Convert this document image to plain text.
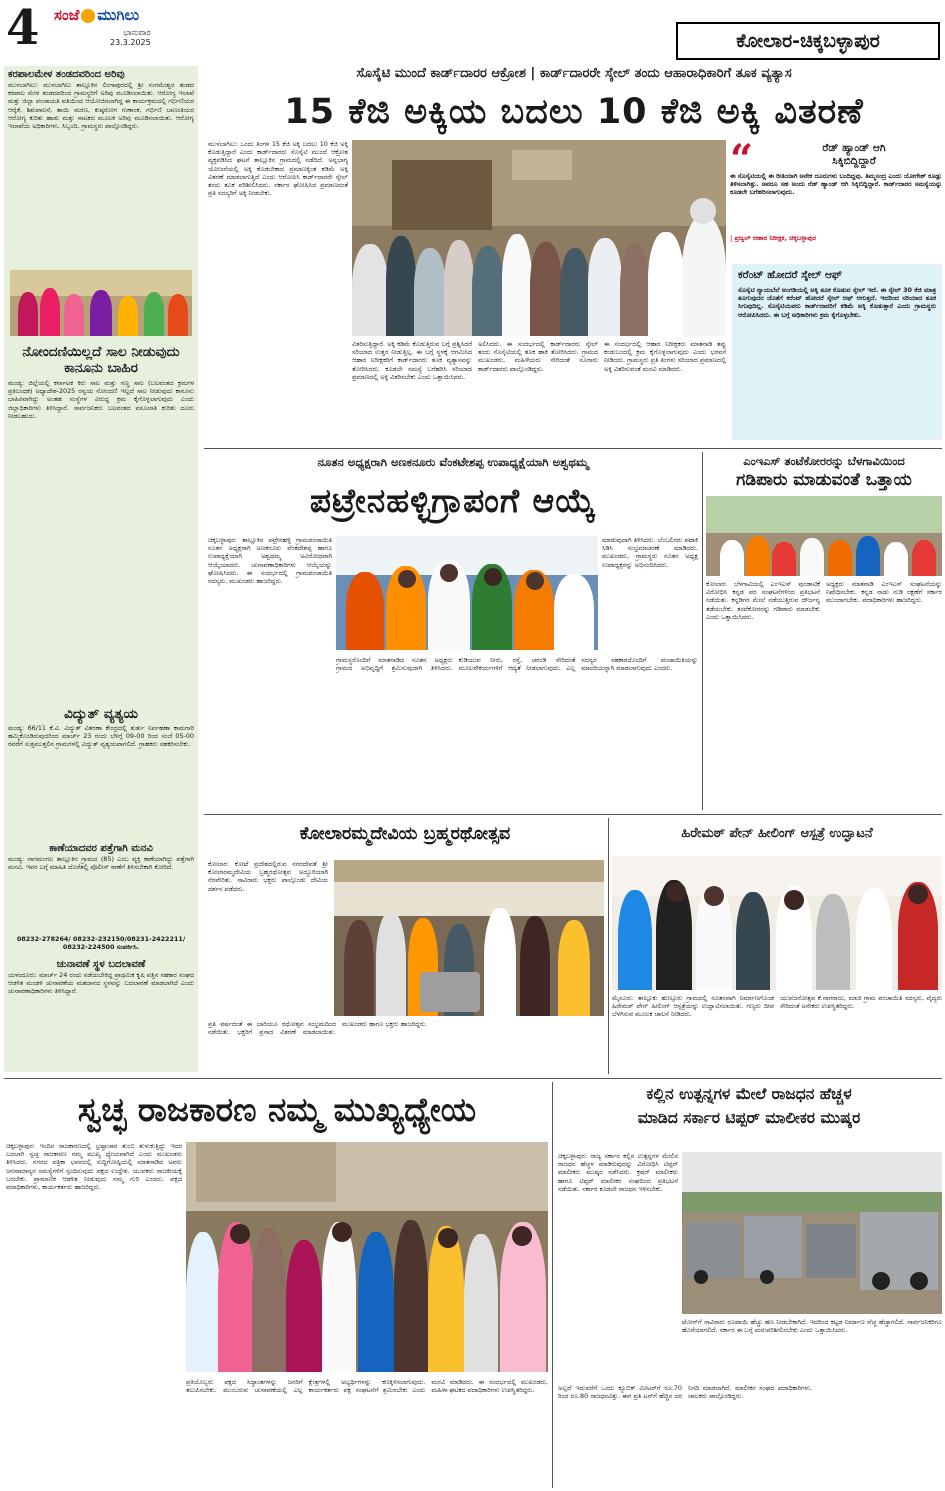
4 ಸಂಜೆ ಮುಗಿಲು
ಭಾನುವಾರ
23.3.2025	ಕೋಲಾರ-ಚಿಕ್ಕಬಳ್ಳಾಪುರ
ಕರಪಾಲಮೇಳ ತಂಡದವರಿಂದ ಅರಿವು
ಮುಳಬಾಗಿಲು: ಮುಳಬಾಗಿಲು ತಾಲ್ಲೂಕಿನ ಲಿಂಗಾಪುರದಲ್ಲಿ ಶ್ರೀ ಸಂಗಮೇಶ್ವರ ತಂಡದ ಕರಪಾಲ ಮೇಳ ತಂಡದವರಿಂದ ಗ್ರಾಮಸ್ಥರಿಗೆ ಅರಿವು ಮೂಡಿಸಲಾಯಿತು. ಆರೋಗ್ಯ ಇಲಾಖೆ ಮತ್ತು ಜಿಲ್ಲಾ ಪಂಚಾಯತಿ ವತಿಯಿಂದ ಆಯೋಜಿಸಲಾಗಿದ್ದ ಈ ಕಾರ್ಯಕ್ರಮದಲ್ಲಿ ಗರ್ಭಿಣಿಯರ ಆರೈಕೆ, ಶಿಶುಪಾಲನೆ, ತಾಯಿ ಮರಣ, ಕುಷ್ಠರೋಗ ಗುಣಾಂಕ, ಗರ್ಭಿಣಿ ಬಾಣಂತಿಯರ ಆರೋಗ್ಯ ಕುರಿತು ಹಾಡು ಮತ್ತು ನಾಟಕದ ಮೂಲಕ ಅರಿವು ಮೂಡಿಸಲಾಯಿತು. ಆರೋಗ್ಯ ಇಲಾಖೆಯ ಅಧಿಕಾರಿಗಳು, ಸಿಬ್ಬಂದಿ, ಗ್ರಾಮಸ್ಥರು ಪಾಲ್ಗೊಂಡಿದ್ದರು.
ನೋಂದಣಿಯಿಲ್ಲದೆ ಸಾಲ ನೀಡುವುದು ಕಾನೂನು ಬಾಹಿರ
ಮಂಡ್ಯ: ಜಿಲ್ಲೆಯಲ್ಲಿ ಕರ್ನಾಟಕ ಕಿರು ಸಾಲ ಮತ್ತು ಸಣ್ಣ ಸಾಲ (ಬಲವಂತದ ಕ್ರಮಗಳ ಪ್ರತಿಬಂಧಕ) ಅಧ್ಯಾದೇಶ-2025 ರನ್ವಯ ನೋಂದಣಿ ಇಲ್ಲದೆ ಸಾಲ ನೀಡುವುದು ಕಾನೂನು ಬಾಹಿರವಾಗಿದ್ದು ಅಂತಹ ಸಂಸ್ಥೆಗಳ ವಿರುದ್ಧ ಕ್ರಮ ಕೈಗೊಳ್ಳಲಾಗುವುದು ಎಂದು ಜಿಲ್ಲಾಧಿಕಾರಿಗಳು ತಿಳಿಸಿದ್ದಾರೆ. ಸಾರ್ವಜನಿಕರು ಬಲವಂತದ ವಸೂಲಾತಿ ಕುರಿತು ದೂರು ನೀಡಬಹುದು.
ವಿದ್ಯುತ್ ವ್ಯತ್ಯಯ
ಮಂಡ್ಯ: 66/11 ಕೆ.ವಿ. ವಿದ್ಯುತ್ ವಿತರಣಾ ಕೇಂದ್ರದಲ್ಲಿ ತುರ್ತು ನಿರ್ವಹಣಾ ಕಾಮಗಾರಿ ಹಮ್ಮಿಕೊಂಡಿರುವುದರಿಂದ ಮಾರ್ಚ್ 23 ರಂದು ಬೆಳಿಗ್ಗೆ 09-00 ರಿಂದ ಸಂಜೆ 05-00 ರವರೆಗೆ ಸುತ್ತಮುತ್ತಲಿನ ಗ್ರಾಮಗಳಲ್ಲಿ ವಿದ್ಯುತ್ ವ್ಯತ್ಯಯವಾಗಲಿದೆ. ಗ್ರಾಹಕರು ಸಹಕರಿಸಬೇಕು.
ಕಾಣೆಯಾದವರ ಪತ್ತೆಗಾಗಿ ಮನವಿ
ಮಂಡ್ಯ: ನಾಗಮಂಗಲ ತಾಲ್ಲೂಕಿನ ಗ್ರಾಮದ (85) ಎಂಬ ವ್ಯಕ್ತಿ ಕಾಣೆಯಾಗಿದ್ದು ಪತ್ತೆಗಾಗಿ ಮನವಿ. ಇವರ ಬಗ್ಗೆ ಮಾಹಿತಿ ದೊರೆತಲ್ಲಿ ಪೊಲೀಸ್ ಠಾಣೆಗೆ ತಿಳಿಸಬೇಕಾಗಿ ಕೋರಿದೆ.
08232-278264/ 08232-232150/08231-2422211/ 08232-224500 ಸಂಪರ್ಕಿಸಿ.
ಚುನಾವಣೆ ಸ್ಥಳ ಬದಲಾವಣೆ
ಯಳಂದೂರು: ಮಾರ್ಚ್ 24 ರಂದು ನಡೆಯಬೇಕಿದ್ದ ಪ್ರಾಥಮಿಕ ಕೃಷಿ ಪತ್ತಿನ ಸಹಕಾರ ಸಂಘದ ಆಡಳಿತ ಮಂಡಳಿ ಚುನಾವಣೆಯ ಮತದಾನದ ಸ್ಥಳವನ್ನು ಬದಲಾವಣೆ ಮಾಡಲಾಗಿದೆ ಎಂದು ಚುನಾವಣಾಧಿಕಾರಿಗಳು ತಿಳಿಸಿದ್ದಾರೆ.
ಸೊಸೈಟಿ ಮುಂದೆ ಕಾರ್ಡ್‌ದಾರರ ಆಕ್ರೋಶ | ಕಾರ್ಡ್‌ದಾರರೇ ಸ್ಕೇಲ್ ತಂದು ಆಹಾರಾಧಿಕಾರಿಗೆ ತೂಕ ವ್ಯತ್ಯಾಸ
15 ಕೆಜಿ ಅಕ್ಕಿಯ ಬದಲು 10 ಕೆಜಿ ಅಕ್ಕಿ ವಿತರಣೆ
ಮುಳಬಾಗಿಲು: ಒಂದು ತಿಂಗಳ 15 ಕೆಜಿ ಅಕ್ಕಿ ಬದಲು 10 ಕೆಜಿ ಅಕ್ಕಿ ಕೊಡುತ್ತಿದ್ದಾರೆ ಎಂದು ಕಾರ್ಡ್‌ದಾರರು ಸೊಸೈಟಿ ಮುಂದೆ ಆಕ್ರೋಶ ವ್ಯಕ್ತಪಡಿಸಿದ ಘಟನೆ ತಾಲ್ಲೂಕಿನ ಗ್ರಾಮದಲ್ಲಿ ನಡೆದಿದೆ. ಅನ್ನಭಾಗ್ಯ ಯೋಜನೆಯಲ್ಲಿ ಅಕ್ಕಿ ಕೊಡಬೇಕಾದ ಪ್ರಮಾಣಕ್ಕಿಂತ ಕಡಿಮೆ ಅಕ್ಕಿ ವಿತರಣೆ ಮಾಡಲಾಗುತ್ತಿದೆ ಎಂದು ಆರೋಪಿಸಿ ಕಾರ್ಡ್‌ದಾರರೇ ಸ್ಕೇಲ್ ತಂದು ತೂಕ ಪರಿಶೀಲಿಸಿದರು. ಸರ್ಕಾರ ಘೋಷಿಸಿದ ಪ್ರಮಾಣದಂತೆ ಪ್ರತಿ ಸದಸ್ಯರಿಗೆ ಅಕ್ಕಿ ನೀಡಬೇಕು.
ವಿತರಿಸುತ್ತಿದ್ದಾರೆ. ಅಕ್ಕಿ ಕಡಿಮೆ ಕೊಡುತ್ತಿರುವ ಬಗ್ಗೆ ಪ್ರಶ್ನಿಸಿದರೆ ಸರಿಯಾದ ಉತ್ತರ ನೀಡುತ್ತಿಲ್ಲ. ಈ ಬಗ್ಗೆ ಸ್ಥಳಕ್ಕೆ ಆಗಮಿಸಿದ ಆಹಾರ ನಿರೀಕ್ಷಕರಿಗೆ ಕಾರ್ಡ್‌ದಾರರು ತೂಕ ವ್ಯತ್ಯಾಸವನ್ನು ತೋರಿಸಿದರು. ಕೂಡಲೇ ಸಮಸ್ಯೆ ಬಗೆಹರಿಸಿ ಸರಿಯಾದ ಪ್ರಮಾಣದಲ್ಲಿ ಅಕ್ಕಿ ವಿತರಿಸಬೇಕು ಎಂದು ಒತ್ತಾಯಿಸಿದರು.
ಅಲಿಸಿದರು. ಈ ಸಂದರ್ಭದಲ್ಲಿ ಕಾರ್ಡ್‌ದಾರರು ಸ್ಕೇಲ್ ತಂದು ಸೊಸೈಟಿಯಲ್ಲಿ ತೂಕ ಹಾಕಿ ತೋರಿಸಿದರು. ಗ್ರಾಮದ ಮುಖಂಡರು, ಮಹಿಳೆಯರು ಸೇರಿದಂತೆ ನೂರಾರು ಕಾರ್ಡ್‌ದಾರರು ಪಾಲ್ಗೊಂಡಿದ್ದರು.
ಈ ಸಂದರ್ಭದಲ್ಲಿ ಆಹಾರ ನಿರೀಕ್ಷಕರು ಮಾತನಾಡಿ ತಪ್ಪು ಕಂಡುಬಂದಲ್ಲಿ ಕ್ರಮ ಕೈಗೊಳ್ಳಲಾಗುವುದು ಎಂದು ಭರವಸೆ ನೀಡಿದರು. ಗ್ರಾಮಸ್ಥರು ಪ್ರತಿ ತಿಂಗಳು ಸರಿಯಾದ ಪ್ರಮಾಣದಲ್ಲಿ ಅಕ್ಕಿ ವಿತರಿಸುವಂತೆ ಮನವಿ ಮಾಡಿದರು.
“	ರೆಡ್ ಹ್ಯಾಂಡ್ ಆಗಿ
ಸಿಕ್ಕಿಬಿದ್ದಿದ್ದಾರೆ
ಈ ಸೊಸೈಟಿಯಲ್ಲಿ ಈ ರೀತಿಯಾಗಿ ಅನೇಕ ದೂರುಗಳು ಬಂದಿದ್ದವು. ತಿಮ್ಮಸಂದ್ರ ಎಂದು ಯೋಗೇಶ್ ಕೂಡ್ಲು ತಿಳಿಸಲಾಗಿತ್ತು. ಅವರೂ ಸಹ ಅಂದು ರೆಡ್ ಹ್ಯಾಂಡ್ ಆಗಿ ಸಿಕ್ಕಿಬಿದ್ದಿದ್ದಾರೆ. ಕಾರ್ಡ್‌ದಾರರ ಸಮಸ್ಯೆಯನ್ನು ಕೂಡಲೇ ಬಗೆಹರಿಸಲಾಗುವುದು.
| ಪ್ರಜ್ವಲ್ ಆಹಾರ ನಿರೀಕ್ಷಕ, ಚಿಕ್ಕಬಳ್ಳಾಪುರ
ಕರೆಂಟ್ ಹೋದರೆ ಸ್ಕೇಲ್ ಆಫ್
ಸೊಸೈಟಿ ನ್ಯಾಯಬೆಲೆ ಅಂಗಡಿಯಲ್ಲಿ ಅಕ್ಕಿ ತೂಕ ಕೊಡುವ ಸ್ಕೇಲ್ ಇದೆ. ಈ ಸ್ಕೇಲ್ 30 ಕೆಜಿ ಮಾತ್ರ ತೂಗುವುದರ ಜೊತೆಗೆ ಕರೆಂಟ್ ಹೋದರೆ ಸ್ಕೇಲ್ ಆಫ್ ಆಗುತ್ತದೆ. ಇದರಿಂದ ಸರಿಯಾದ ತೂಕ ಸಿಗುವುದಿಲ್ಲ. ಸೊಸೈಟಿಯವರು ಕಾರ್ಡ್‌ದಾರರಿಗೆ ಕಡಿಮೆ ಅಕ್ಕಿ ಕೊಡುತ್ತಾರೆ ಎಂದು ಗ್ರಾಮಸ್ಥರು ಆರೋಪಿಸಿದರು. ಈ ಬಗ್ಗೆ ಅಧಿಕಾರಿಗಳು ಕ್ರಮ ಕೈಗೊಳ್ಳಬೇಕು.
ನೂತನ ಅಧ್ಯಕ್ಷರಾಗಿ ಅಣಕನೂರು ವೆಂಕಟೇಶಪ್ಪ ಉಪಾಧ್ಯಕ್ಷೆಯಾಗಿ ಅಶ್ವಥಮ್ಮ
ಪಟ್ರೇನಹಳ್ಳಿಗ್ರಾಪಂಗೆ ಆಯ್ಕೆ
ಚಿಕ್ಕಬಳ್ಳಾಪುರ: ತಾಲ್ಲೂಕಿನ ಪಟ್ರೇನಹಳ್ಳಿ ಗ್ರಾಮಪಂಚಾಯಿತಿ ನೂತನ ಅಧ್ಯಕ್ಷರಾಗಿ ಅಣಕನೂರು ವೆಂಕಟೇಶಪ್ಪ ಹಾಗೂ ಉಪಾಧ್ಯಕ್ಷೆಯಾಗಿ ಅಶ್ವಥಮ್ಮ ಅವಿರೋಧವಾಗಿ ಆಯ್ಕೆಯಾದರು. ಚುನಾವಣಾಧಿಕಾರಿಗಳು ಆಯ್ಕೆಯನ್ನು ಘೋಷಿಸಿದರು. ಈ ಸಂದರ್ಭದಲ್ಲಿ ಗ್ರಾಮಪಂಚಾಯಿತಿ ಸದಸ್ಯರು, ಮುಖಂಡರು ಹಾಜರಿದ್ದರು.
ಮಾಡುವುದಾಗಿ ತಿಳಿಸಿದರು. ಬೆಂಬಲಿಗರು ಪಟಾಕಿ ಸಿಡಿಸಿ ಸಂಭ್ರಮಾಚರಣೆ ಮಾಡಿದರು. ಮುಖಂಡರು, ಗ್ರಾಮಸ್ಥರು ನೂತನ ಅಧ್ಯಕ್ಷ ಉಪಾಧ್ಯಕ್ಷರನ್ನು ಅಭಿನಂದಿಸಿದರು.
ಗ್ರಾಮಸ್ಥರೊಂದಿಗೆ ಮಾತನಾಡಿದ ನೂತನ ಅಧ್ಯಕ್ಷರು ಗ್ರಾಮದ ಅಭಿವೃದ್ಧಿಗೆ ಶ್ರಮಿಸುವುದಾಗಿ ತಿಳಿಸಿದರು. ಕುಡಿಯುವ ನೀರು, ರಸ್ತೆ, ಚರಂಡಿ ಸೇರಿದಂತೆ ಮೂಲಸೌಕರ್ಯಗಳಿಗೆ ಆದ್ಯತೆ ನೀಡಲಾಗುವುದು. ಎಲ್ಲ ಸದಸ್ಯರ ಸಹಕಾರದೊಂದಿಗೆ ಪಂಚಾಯಿತಿಯನ್ನು ಮಾದರಿಯನ್ನಾಗಿ ಮಾಡಲಾಗುವುದು ಎಂದರು.
ಎಂಇಎಸ್ ತಂಟೆಕೋರರನ್ನು ಬೆಳಗಾವಿಯಿಂದ
ಗಡಿಪಾರು ಮಾಡುವಂತೆ ಒತ್ತಾಯ
ಕೋಲಾರ: ಬೆಳಗಾವಿಯಲ್ಲಿ ಎಂಇಎಸ್ ಪುಂಡಾಟಿಕೆ ವಿರೋಧಿಸಿ ಕನ್ನಡ ಪರ ಸಂಘಟನೆಗಳಿಂದ ಪ್ರತಿಭಟನೆ ನಡೆಯಿತು. ಕನ್ನಡಿಗರ ಮೇಲೆ ನಡೆಯುತ್ತಿರುವ ದೌರ್ಜನ್ಯ ತಡೆಯಬೇಕು. ತಂಟೆಕೋರರನ್ನು ಗಡಿಪಾರು ಮಾಡಬೇಕು ಎಂದು ಒತ್ತಾಯಿಸಿದರು.
ಅಧ್ಯಕ್ಷರು ಮಾತನಾಡಿ ಎಂಇಎಸ್ ಸಂಘಟನೆಯನ್ನು ನಿಷೇಧಿಸಬೇಕು. ಕನ್ನಡ ನಾಡು ನುಡಿ ರಕ್ಷಣೆಗೆ ಸರ್ಕಾರ ಮುಂದಾಗಬೇಕು. ಪದಾಧಿಕಾರಿಗಳು ಹಾಜರಿದ್ದರು.
ಕೋಲಾರಮ್ಮದೇವಿಯ ಬ್ರಹ್ಮರಥೋತ್ಸವ
ಕೋಲಾರ: ಕೋಟೆ ಪ್ರದೇಶದಲ್ಲಿರುವ ನಗರದೇವತೆ ಶ್ರೀ ಕೋಲಾರಮ್ಮದೇವಿಯ ಬ್ರಹ್ಮರಥೋತ್ಸವ ಅದ್ದೂರಿಯಾಗಿ ನೆರವೇರಿತು. ಸಾವಿರಾರು ಭಕ್ತರು ಪಾಲ್ಗೊಂಡು ದೇವಿಯ ದರ್ಶನ ಪಡೆದರು.
ಪ್ರತಿ ವರ್ಷದಂತೆ ಈ ಬಾರಿಯೂ ರಥೋತ್ಸವ ಸಂಭ್ರಮದಿಂದ ನಡೆಯಿತು. ಭಕ್ತರಿಗೆ ಪ್ರಸಾದ ವಿತರಣೆ ಮಾಡಲಾಯಿತು. ಮುಖಂಡರು ಹಾಗೂ ಭಕ್ತರು ಹಾಜರಿದ್ದರು.
ಹಿರೇಮಠ್ ಪೇನ್ ಹೀಲಿಂಗ್ ಆಸ್ಪತ್ರೆ ಉದ್ಘಾಟನೆ
ಮೈಸೂರು: ತಾಲ್ಲೂಕು ಹುಣ್ಸೂರು ಗ್ರಾಮದಲ್ಲಿ ನೂತನವಾಗಿ ನಿರ್ಮಾಣಗೊಂಡ ಹಿರೇಮಠ್ ಪೇನ್ ಹೀಲಿಂಗ್ ಆಸ್ಪತ್ರೆಯನ್ನು ಉದ್ಘಾಟಿಸಲಾಯಿತು. ಗಣ್ಯರು ದೀಪ ಬೆಳಗಿಸುವ ಮೂಲಕ ಚಾಲನೆ ನೀಡಿದರು.
ಯುವಜನೋತ್ಸವ ಕೆ.ನಾಗರಾಜು, ಮಾಜಿ ಗ್ರಾಮ ಪಂಚಾಯಿತಿ ಸದಸ್ಯರು, ವೈದ್ಯರು ಸೇರಿದಂತೆ ಅನೇಕರು ಉಪಸ್ಥಿತರಿದ್ದರು.
ಸ್ವಚ್ಛ ರಾಜಕಾರಣ ನಮ್ಮ ಮುಖ್ಯಧ್ಯೇಯ
ಚಿಕ್ಕಬಳ್ಳಾಪುರ: ಇಂದಿನ ರಾಜಕಾರಣದಲ್ಲಿ ಭ್ರಷ್ಟಾಚಾರ ತುಂಬಿ ತುಳುಕುತ್ತಿದ್ದು ಇದರ ಬದಲಾಗಿ ಸ್ವಚ್ಛ ರಾಜಕಾರಣ ನಮ್ಮ ಮುಖ್ಯ ಧ್ಯೇಯವಾಗಿದೆ ಎಂದು ಮುಖಂಡರು ತಿಳಿಸಿದರು. ನಗರದ ಪತ್ರಿಕಾ ಭವನದಲ್ಲಿ ಸುದ್ದಿಗೋಷ್ಠಿಯಲ್ಲಿ ಮಾತನಾಡಿದ ಅವರು ಜನಸಾಮಾನ್ಯರ ಸಮಸ್ಯೆಗಳಿಗೆ ಸ್ಪಂದಿಸುವುದು ಪಕ್ಷದ ಉದ್ದೇಶ. ಯುವಕರು ರಾಜಕೀಯಕ್ಕೆ ಬರಬೇಕು. ಪ್ರಾಮಾಣಿಕ ಆಡಳಿತ ನೀಡುವುದು ನಮ್ಮ ಗುರಿ ಎಂದರು. ಪಕ್ಷದ ಪದಾಧಿಕಾರಿಗಳು, ಕಾರ್ಯಕರ್ತರು ಹಾಜರಿದ್ದರು.
ಪ್ರತಿಯೊಬ್ಬರು ಪಕ್ಷದ ಸಿದ್ಧಾಂತಗಳನ್ನು ಜನರಿಗೆ ತಲುಪಿಸಬೇಕು. ಮುಂಬರುವ ಚುನಾವಣೆಯಲ್ಲಿ ಎಲ್ಲ ಕ್ಷೇತ್ರಗಳಲ್ಲಿ ಅಭ್ಯರ್ಥಿಗಳನ್ನು ಕಣಕ್ಕಿಳಿಸಲಾಗುವುದು. ಕಾರ್ಯಕರ್ತರು ಪಕ್ಷ ಸಂಘಟನೆಗೆ ಶ್ರಮಿಸಬೇಕು ಎಂದು ಮನವಿ ಮಾಡಿದರು. ಈ ಸಂದರ್ಭದಲ್ಲಿ ಮುಖಂಡರು, ಮಹಿಳಾ ಘಟಕದ ಪದಾಧಿಕಾರಿಗಳು ಉಪಸ್ಥಿತರಿದ್ದರು.
ಕಲ್ಲಿನ ಉತ್ಪನ್ನಗಳ ಮೇಲೆ ರಾಜಧನ ಹೆಚ್ಚಳ
ಮಾಡಿದ ಸರ್ಕಾರ ಟಿಪ್ಪರ್ ಮಾಲೀಕರ ಮುಷ್ಕರ
ಚಿಕ್ಕಬಳ್ಳಾಪುರ: ರಾಜ್ಯ ಸರ್ಕಾರ ಕಲ್ಲಿನ ಉತ್ಪನ್ನಗಳ ಮೇಲಿನ ರಾಜಧನ ಹೆಚ್ಚಳ ಮಾಡಿರುವುದನ್ನು ವಿರೋಧಿಸಿ ಟಿಪ್ಪರ್ ಮಾಲೀಕರು ಮುಷ್ಕರ ನಡೆಸಿದರು. ಕ್ರಷರ್ ಮಾಲೀಕರು ಹಾಗೂ ಟಿಪ್ಪರ್ ಮಾಲೀಕರ ಸಂಘದಿಂದ ಪ್ರತಿಭಟನೆ ನಡೆಯಿತು. ಸರ್ಕಾರ ಕೂಡಲೇ ರಾಜಧನ ಇಳಿಸಬೇಕು.
ಟೋನ್‌ಗೆ ಸಾವಿರಾರು ರೂಪಾಯಿ ಹೆಚ್ಚು ಹಣ ನೀಡಬೇಕಾಗಿದೆ. ಇದರಿಂದ ಕಟ್ಟಡ ನಿರ್ಮಾಣ ವೆಚ್ಚ ಹೆಚ್ಚಾಗಲಿದೆ. ಸಾರ್ವಜನಿಕರಿಗೂ ಹೊರೆಯಾಗಲಿದೆ. ಸರ್ಕಾರ ಈ ಬಗ್ಗೆ ಮರುಪರಿಶೀಲಿಸಬೇಕು ಎಂದು ಒತ್ತಾಯಿಸಿದರು.
ಅಲ್ಲದೆ ಇದುವರೆಗೆ ಒಂದು ಕ್ಯೂಬಿಕ್ ಮೀಟರ್‌ಗೆ ರೂ.70 ರಿಂದ ರೂ.80 ರಾಜಧನವಿತ್ತು. ಈಗ ಪ್ರತಿ ಟನ್‌ಗೆ ಹೆಚ್ಚಿನ ದರ ನಿಗದಿ ಮಾಡಲಾಗಿದೆ. ಮಾಲೀಕರ ಸಂಘದ ಪದಾಧಿಕಾರಿಗಳು, ಚಾಲಕರು ಪಾಲ್ಗೊಂಡಿದ್ದರು.
